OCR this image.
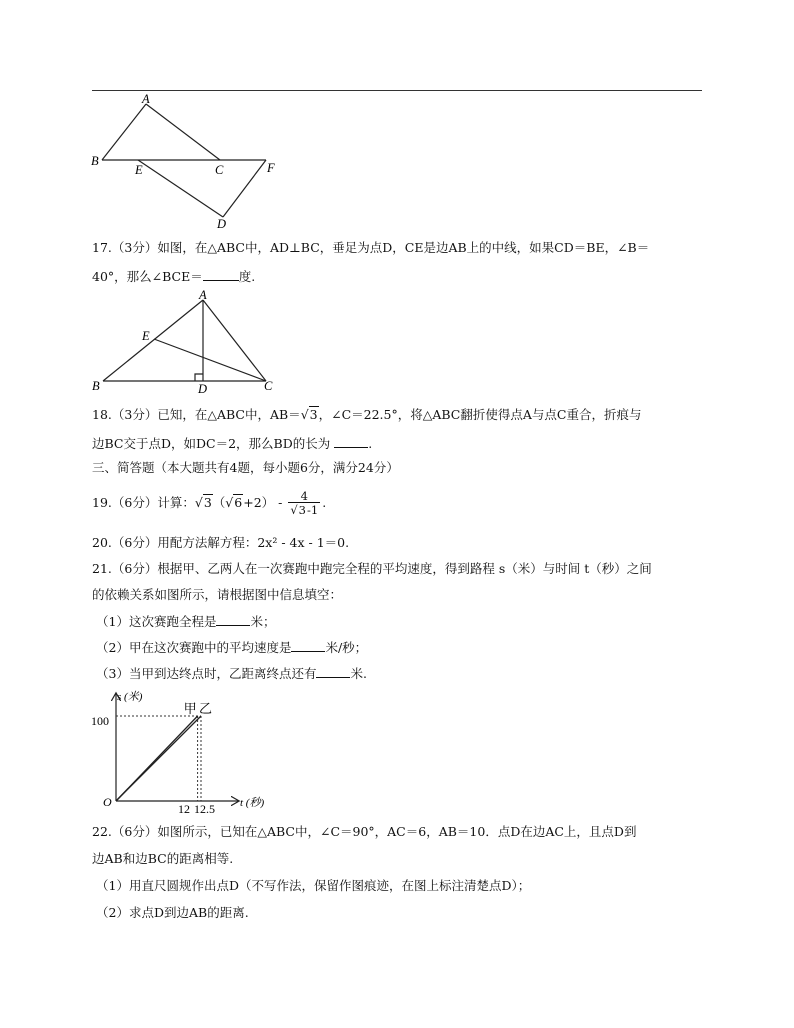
A
B
E	C	F
D
17.（3分）如图，在△ABC中，AD⊥BC，垂足为点D，CE是边AB上的中线，如果CD＝BE，∠B＝
40°，那么∠BCE＝	度.
A
E
B	D	C
18.（3分）已知，在△ABC中，AB＝√3，∠C＝22.5°，将△ABC翻折使得点A与点C重合，折痕与
边BC交于点D，如DC＝2，那么BD的长为	.
三、简答题（本大题共有4题，每小题6分，满分24分）
19.（6分）计算：$√3(√6+2) - \frac{4}{√3-1}$ .
20.（6分）用配方法解方程：2x² - 4x - 1＝0.
21.（6分）根据甲、乙两人在一次赛跑中跑完全程的平均速度，得到路程 s（米）与时间 t（秒）之间
的依赖关系如图所示，请根据图中信息填空：
（1）这次赛跑全程是	米；
（2）甲在这次赛跑中的平均速度是	米/秒；
（3）当甲到达终点时，乙距离终点还有	米.
s (米)
t (秒)
O
100
12 12.5
甲 乙
22.（6分）如图所示，已知在△ABC中，∠C＝90°，AC＝6，AB＝10．点D在边AC上，且点D到
边AB和边BC的距离相等.
（1）用直尺圆规作出点D（不写作法，保留作图痕迹，在图上标注清楚点D）；
（2）求点D到边AB的距离.
